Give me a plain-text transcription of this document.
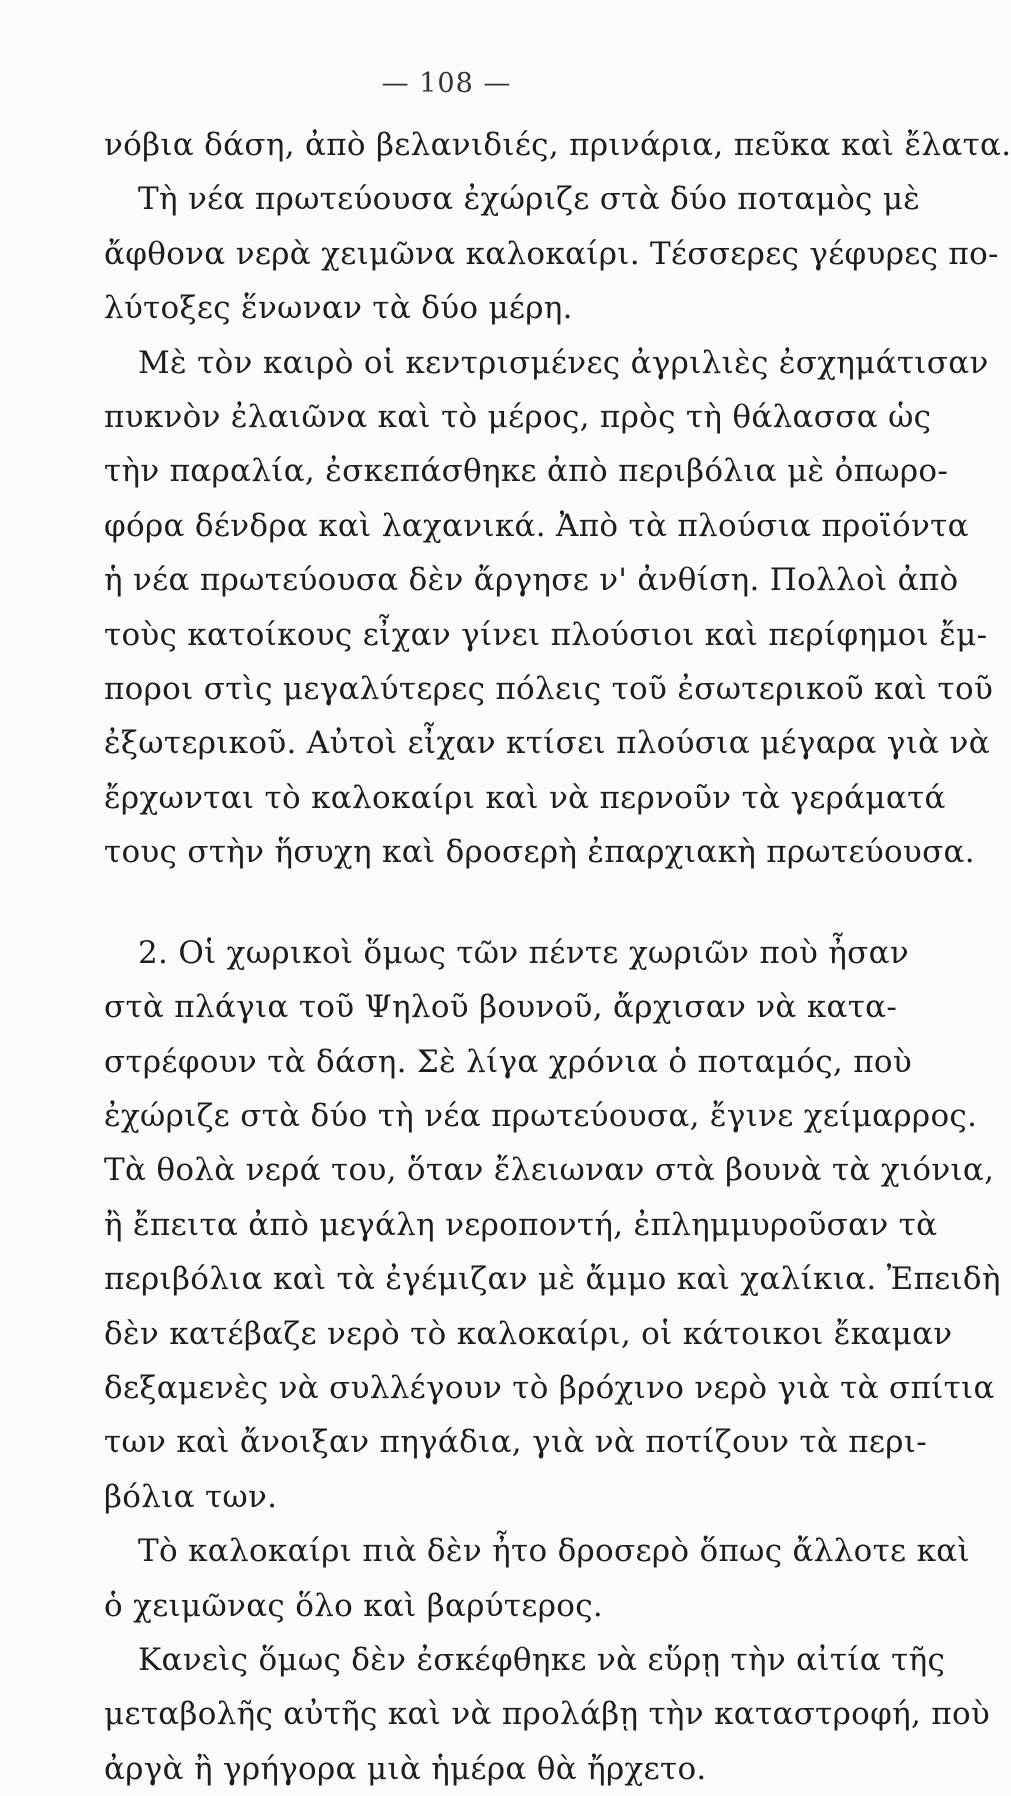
— 108 —
νόβια δάση, ἀπὸ βελανιδιές, πρινάρια, πεῦκα καὶ ἔλατα.
Τὴ νέα πρωτεύουσα ἐχώριζε στὰ δύο ποταμὸς μὲ
ἄφθονα νερὰ χειμῶνα καλοκαίρι. Τέσσερες γέφυρες πο-
λύτοξες ἕνωναν τὰ δύο μέρη.
Μὲ τὸν καιρὸ οἱ κεντρισμένες ἀγριλιὲς ἐσχημάτισαν
πυκνὸν ἐλαιῶνα καὶ τὸ μέρος, πρὸς τὴ θάλασσα ὡς
τὴν παραλία, ἐσκεπάσθηκε ἀπὸ περιβόλια μὲ ὀπωρο-
φόρα δένδρα καὶ λαχανικά. Ἀπὸ τὰ πλούσια προϊόντα
ἡ νέα πρωτεύουσα δὲν ἄργησε ν' ἀνθίση. Πολλοὶ ἀπὸ
τοὺς κατοίκους εἶχαν γίνει πλούσιοι καὶ περίφημοι ἔμ-
ποροι στὶς μεγαλύτερες πόλεις τοῦ ἐσωτερικοῦ καὶ τοῦ
ἐξωτερικοῦ. Αὐτοὶ εἶχαν κτίσει πλούσια μέγαρα γιὰ νὰ
ἔρχωνται τὸ καλοκαίρι καὶ νὰ περνοῦν τὰ γεράματά
τους στὴν ἥσυχη καὶ δροσερὴ ἐπαρχιακὴ πρωτεύουσα.
2. Οἱ χωρικοὶ ὅμως τῶν πέντε χωριῶν ποὺ ἦσαν
στὰ πλάγια τοῦ Ψηλοῦ βουνοῦ, ἄρχισαν νὰ κατα-
στρέφουν τὰ δάση. Σὲ λίγα χρόνια ὁ ποταμός, ποὺ
ἐχώριζε στὰ δύο τὴ νέα πρωτεύουσα, ἔγινε χείμαρρος.
Τὰ θολὰ νερά του, ὅταν ἔλειωναν στὰ βουνὰ τὰ χιόνια,
ἢ ἔπειτα ἀπὸ μεγάλη νεροποντή, ἐπλημμυροῦσαν τὰ
περιβόλια καὶ τὰ ἐγέμιζαν μὲ ἄμμο καὶ χαλίκια. Ἐπειδὴ
δὲν κατέβαζε νερὸ τὸ καλοκαίρι, οἱ κάτοικοι ἔκαμαν
δεξαμενὲς νὰ συλλέγουν τὸ βρόχινο νερὸ γιὰ τὰ σπίτια
των καὶ ἄνοιξαν πηγάδια, γιὰ νὰ ποτίζουν τὰ περι-
βόλια των.
Τὸ καλοκαίρι πιὰ δὲν ἦτο δροσερὸ ὅπως ἄλλοτε καὶ
ὁ χειμῶνας ὅλο καὶ βαρύτερος.
Κανεὶς ὅμως δὲν ἐσκέφθηκε νὰ εὕρῃ τὴν αἰτία τῆς
μεταβολῆς αὐτῆς καὶ νὰ προλάβῃ τὴν καταστροφή, ποὺ
ἀργὰ ἢ γρήγορα μιὰ ἡμέρα θὰ ἤρχετο.
